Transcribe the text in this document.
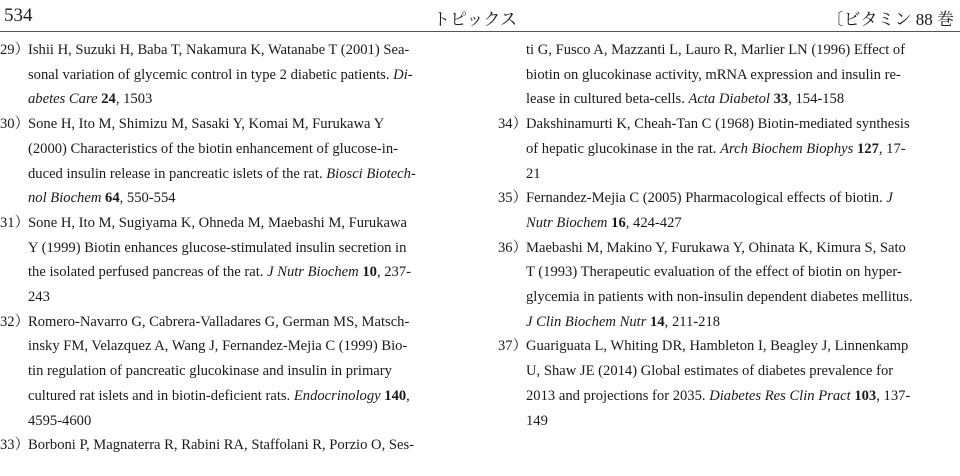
534	トピックス	〔ビタミン 88 巻
29）
Ishii H, Suzuki H, Baba T, Nakamura K, Watanabe T (2001) Sea-
sonal variation of glycemic control in type 2 diabetic patients. Di-
abetes Care 24, 1503
30）
Sone H, Ito M, Shimizu M, Sasaki Y, Komai M, Furukawa Y
(2000) Characteristics of the biotin enhancement of glucose-in-
duced insulin release in pancreatic islets of the rat. Biosci Biotech-
nol Biochem 64, 550-554
31）
Sone H, Ito M, Sugiyama K, Ohneda M, Maebashi M, Furukawa
Y (1999) Biotin enhances glucose-stimulated insulin secretion in
the isolated perfused pancreas of the rat. J Nutr Biochem 10, 237-
243
32）
Romero-Navarro G, Cabrera-Valladares G, German MS, Matsch-
insky FM, Velazquez A, Wang J, Fernandez-Mejia C (1999) Bio-
tin regulation of pancreatic glucokinase and insulin in primary
cultured rat islets and in biotin-deficient rats. Endocrinology 140,
4595-4600
33）
Borboni P, Magnaterra R, Rabini RA, Staffolani R, Porzio O, Ses-
ti G, Fusco A, Mazzanti L, Lauro R, Marlier LN (1996) Effect of
biotin on glucokinase activity, mRNA expression and insulin re-
lease in cultured beta-cells. Acta Diabetol 33, 154-158
34）
Dakshinamurti K, Cheah-Tan C (1968) Biotin-mediated synthesis
of hepatic glucokinase in the rat. Arch Biochem Biophys 127, 17-
21
35）
Fernandez-Mejia C (2005) Pharmacological effects of biotin. J
Nutr Biochem 16, 424-427
36）
Maebashi M, Makino Y, Furukawa Y, Ohinata K, Kimura S, Sato
T (1993) Therapeutic evaluation of the effect of biotin on hyper-
glycemia in patients with non-insulin dependent diabetes mellitus.
J Clin Biochem Nutr 14, 211-218
37）
Guariguata L, Whiting DR, Hambleton I, Beagley J, Linnenkamp
U, Shaw JE (2014) Global estimates of diabetes prevalence for
2013 and projections for 2035. Diabetes Res Clin Pract 103, 137-
149
